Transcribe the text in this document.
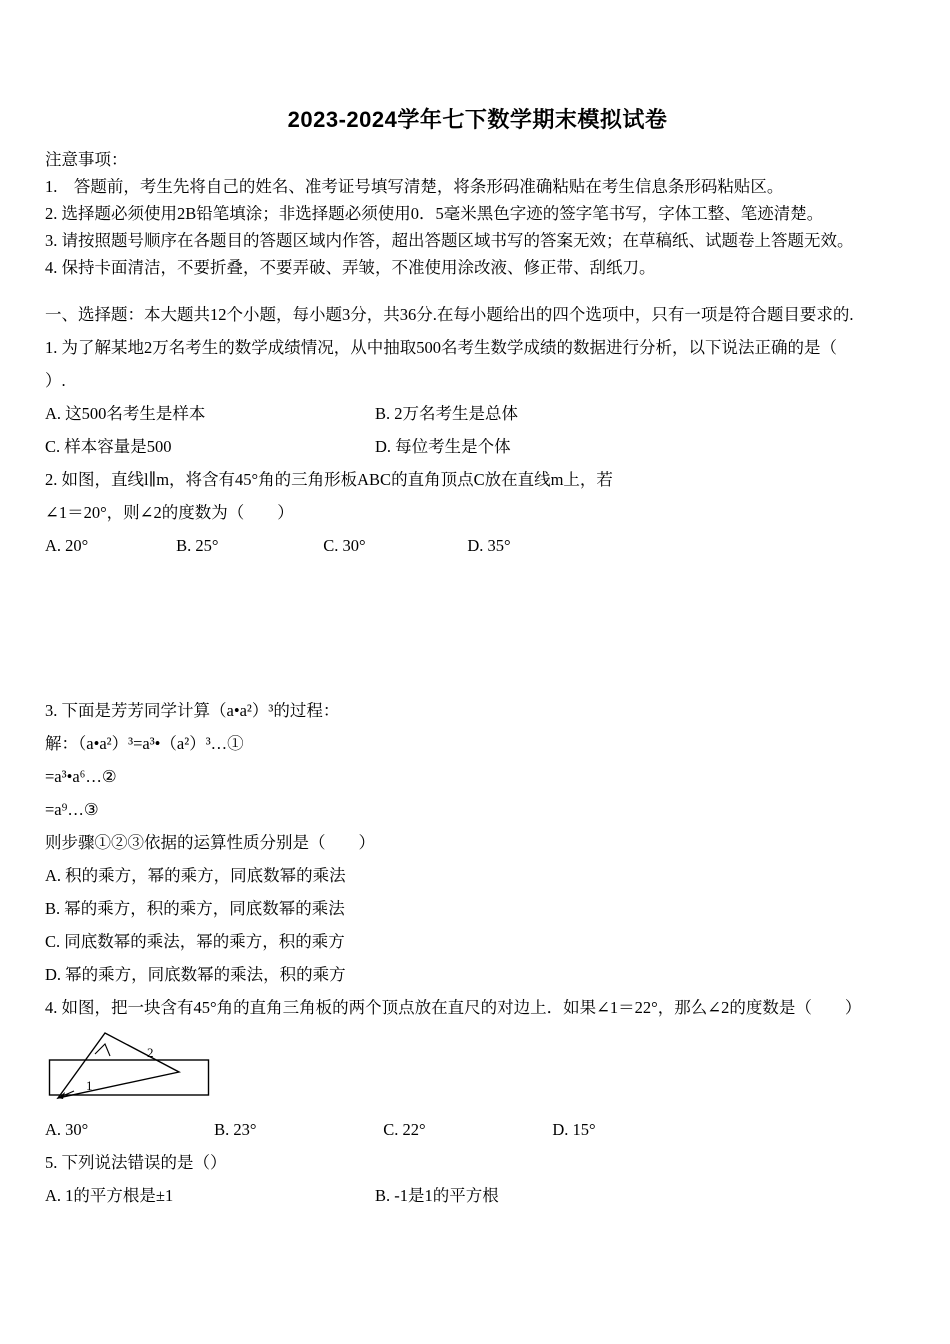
2023-2024学年七下数学期末模拟试卷
注意事项：
1.　答题前，考生先将自己的姓名、准考证号填写清楚，将条形码准确粘贴在考生信息条形码粘贴区。
2. 选择题必须使用2B铅笔填涂；非选择题必须使用0．5毫米黑色字迹的签字笔书写，字体工整、笔迹清楚。
3. 请按照题号顺序在各题目的答题区域内作答，超出答题区域书写的答案无效；在草稿纸、试题卷上答题无效。
4. 保持卡面清洁，不要折叠，不要弄破、弄皱，不准使用涂改液、修正带、刮纸刀。
一、选择题：本大题共12个小题，每小题3分，共36分.在每小题给出的四个选项中，只有一项是符合题目要求的.
1. 为了解某地2万名考生的数学成绩情况，从中抽取500名考生数学成绩的数据进行分析，以下说法正确的是（
）.
A. 这500名考生是样本	B. 2万名考生是总体
C. 样本容量是500	D. 每位考生是个体
2. 如图，直线l∥m，将含有45°角的三角形板ABC的直角顶点C放在直线m上，若
∠1＝20°，则∠2的度数为（　　）
A. 20°	B. 25°	C. 30°	D. 35°
3. 下面是芳芳同学计算（a•a²）³的过程：
解：（a•a²）³=a³•（a²）³…①
=a³•a⁶…②
=a⁹…③
则步骤①②③依据的运算性质分别是（　　）
A. 积的乘方，幂的乘方，同底数幂的乘法
B. 幂的乘方，积的乘方，同底数幂的乘法
C. 同底数幂的乘法，幂的乘方，积的乘方
D. 幂的乘方，同底数幂的乘法，积的乘方
4. 如图，把一块含有45°角的直角三角板的两个顶点放在直尺的对边上．如果∠1＝22°，那么∠2的度数是（　　）
2
1
A. 30°	B. 23°	C. 22°	D. 15°
5. 下列说法错误的是（）
A. 1的平方根是±1	B. -1是1的平方根
